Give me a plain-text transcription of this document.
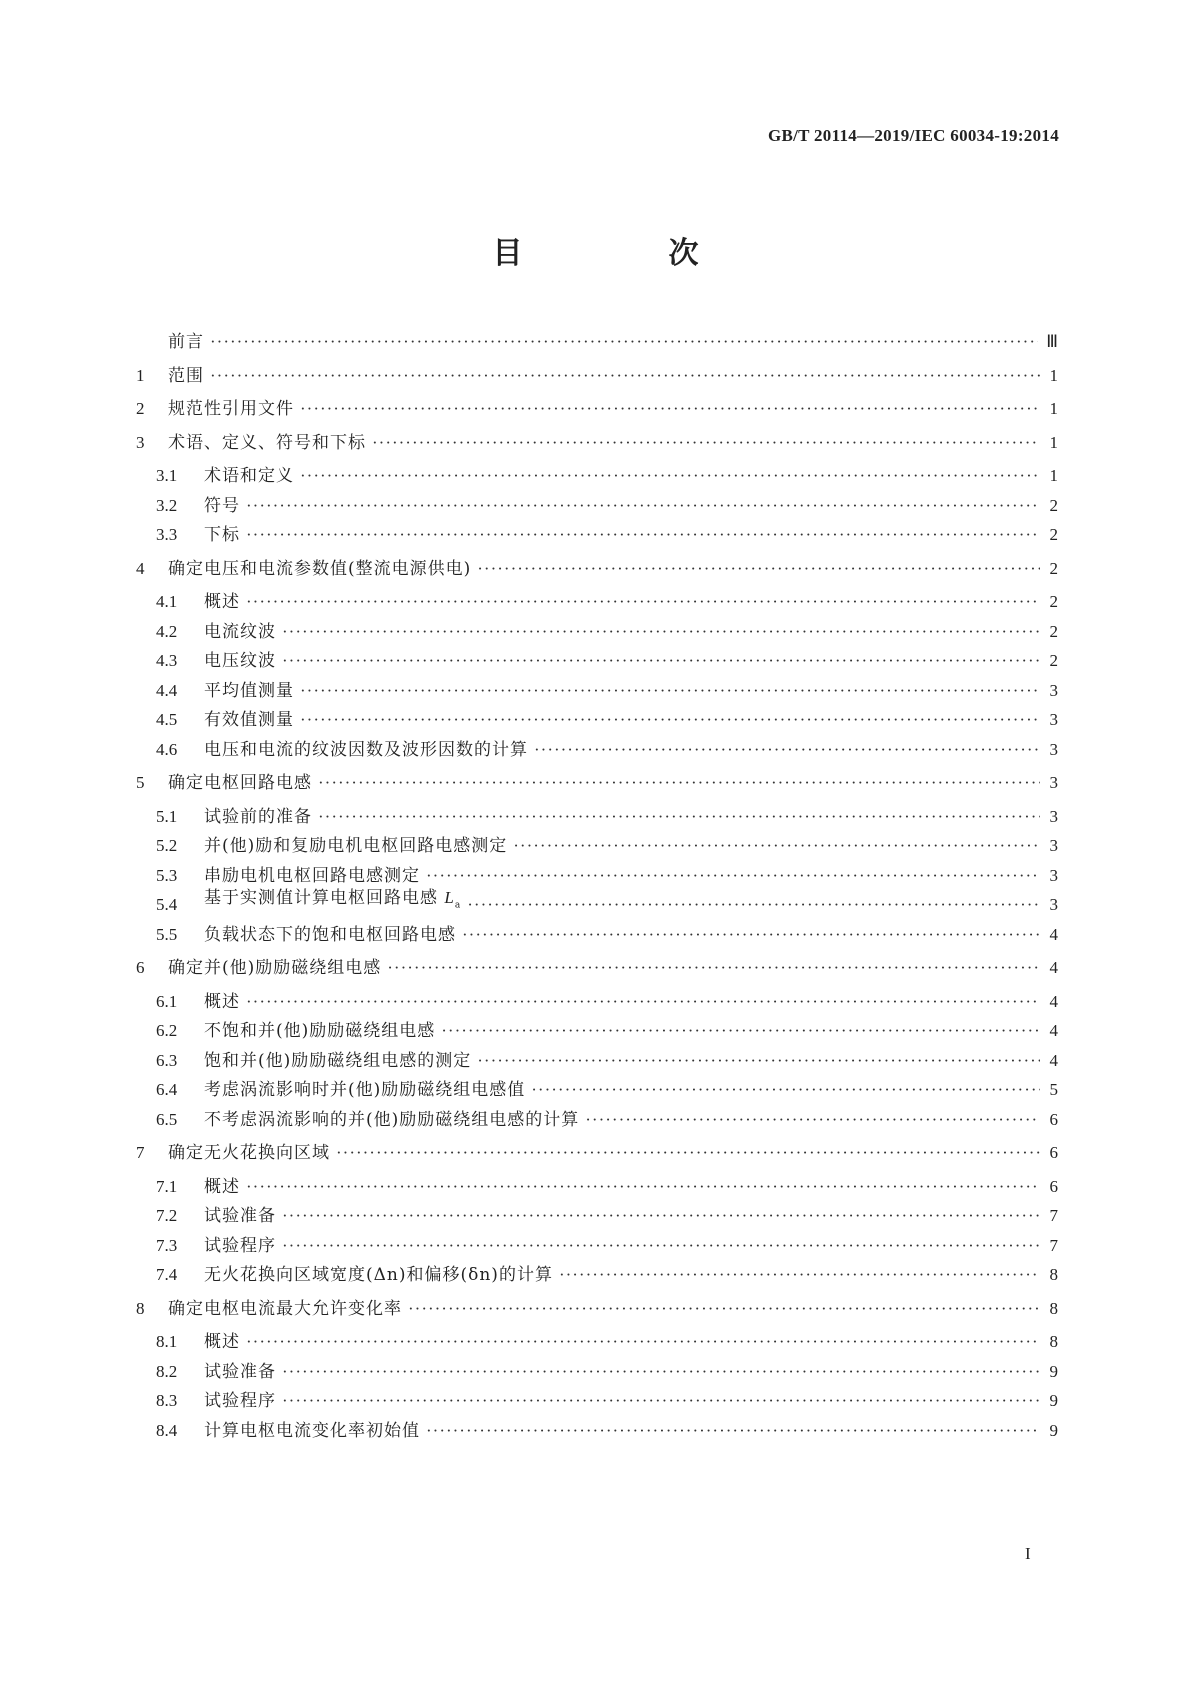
GB/T 20114—2019/IEC 60034-19:2014
目　次
前言 ·····	Ⅲ
1	范围 ·····	1
2	规范性引用文件 ·····	1
3	术语、定义、符号和下标 ·····	1
3.1	术语和定义 ·····	1
3.2	符号 ·····	2
3.3	下标 ·····	2
4	确定电压和电流参数值(整流电源供电) ·····	2
4.1	概述 ·····	2
4.2	电流纹波 ·····	2
4.3	电压纹波 ·····	2
4.4	平均值测量 ·····	3
4.5	有效值测量 ·····	3
4.6	电压和电流的纹波因数及波形因数的计算 ·····	3
5	确定电枢回路电感 ·····	3
5.1	试验前的准备 ·····	3
5.2	并(他)励和复励电机电枢回路电感测定 ·····	3
5.3	串励电机电枢回路电感测定 ·····	3
5.4	基于实测值计算电枢回路电感 $L_a$ ·····	3
5.5	负载状态下的饱和电枢回路电感 ·····	4
6	确定并(他)励励磁绕组电感 ·····	4
6.1	概述 ·····	4
6.2	不饱和并(他)励励磁绕组电感 ·····	4
6.3	饱和并(他)励励磁绕组电感的测定 ·····	4
6.4	考虑涡流影响时并(他)励励磁绕组电感值 ·····	5
6.5	不考虑涡流影响的并(他)励励磁绕组电感的计算 ·····	6
7	确定无火花换向区域 ·····	6
7.1	概述 ·····	6
7.2	试验准备 ·····	7
7.3	试验程序 ·····	7
7.4	无火花换向区域宽度(Δn)和偏移(δn)的计算 ·····	8
8	确定电枢电流最大允许变化率 ·····	8
8.1	概述 ·····	8
8.2	试验准备 ·····	9
8.3	试验程序 ·····	9
8.4	计算电枢电流变化率初始值 ·····	9
I
